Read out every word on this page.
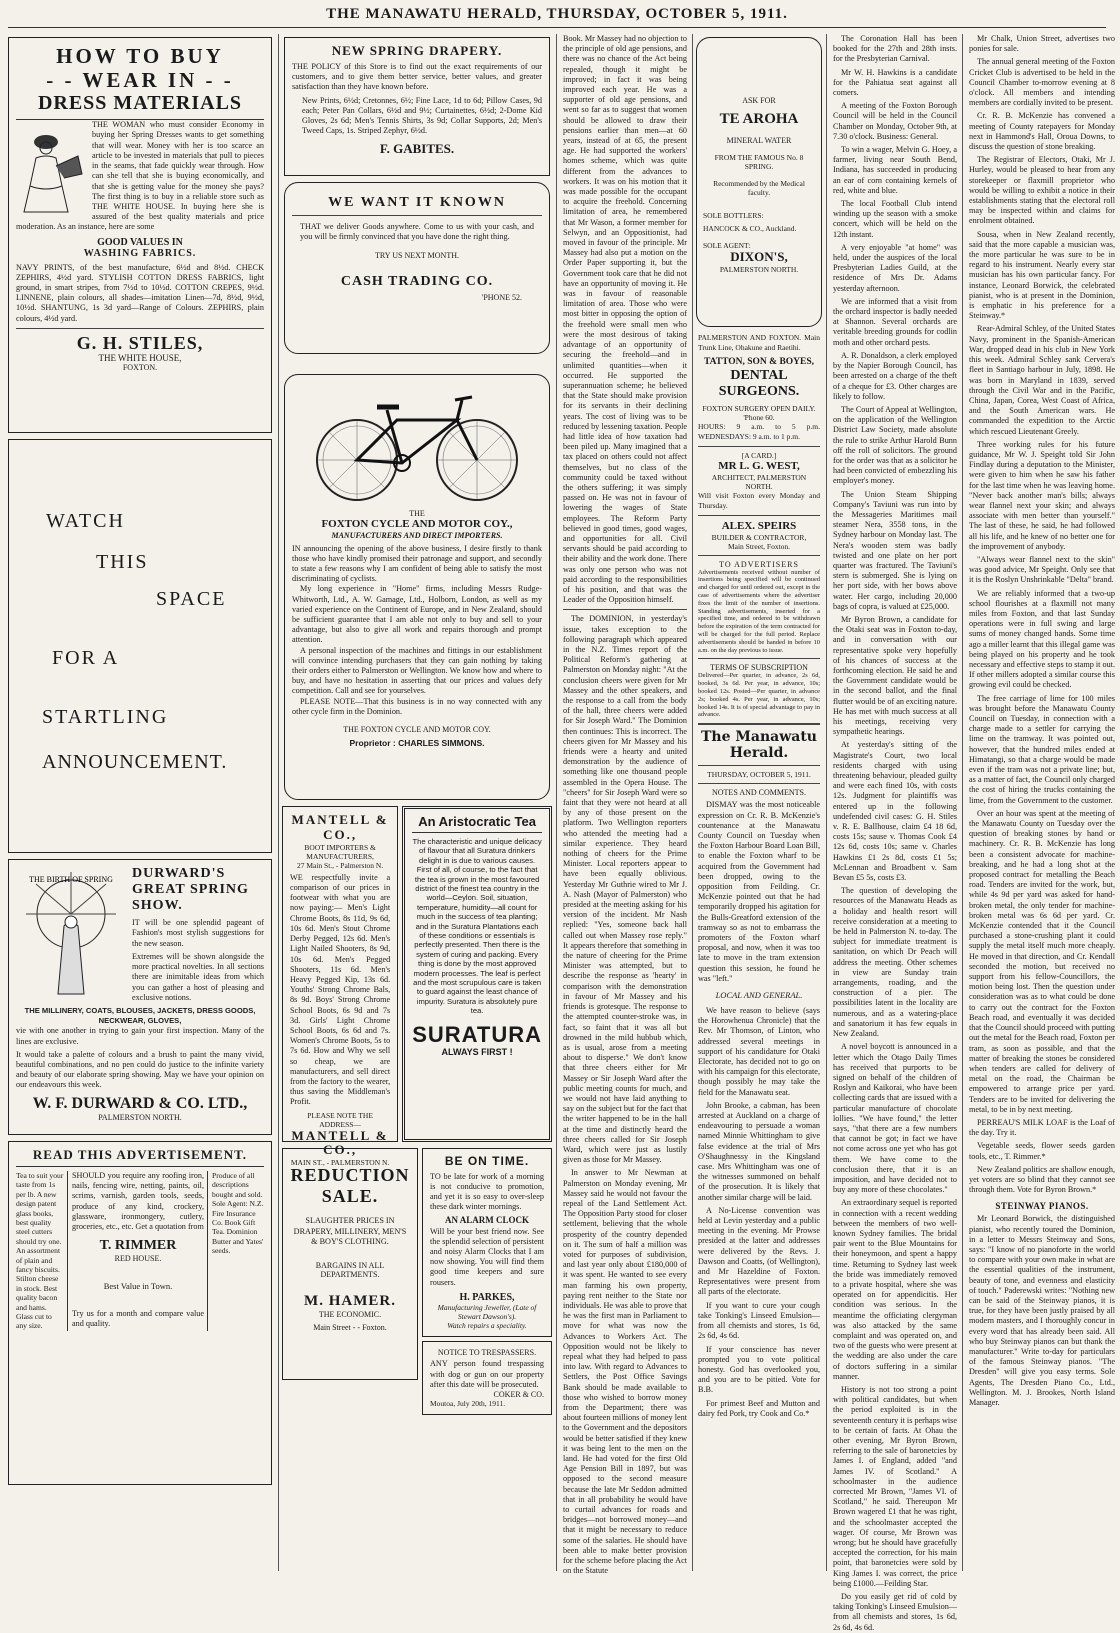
THE MANAWATU HERALD, THURSDAY, OCTOBER 5, 1911.
HOW TO BUY
- - WEAR IN - -
DRESS MATERIALS

THE WOMAN who must consider Economy in buying her Spring Dresses wants to get something that will wear. Money with her is too scarce an article to be invested in materials that pull to pieces in the seams, that fade quickly wear through. How can she tell that she is buying economically, and that she is getting value for the money she pays? The first thing is to buy in a reliable store such as THE WHITE HOUSE. In buying here she is assured of the best quality materials and price moderation. As an instance, here are some

GOOD VALUES IN
WASHING FABRICS.

NAVY PRINTS, of the best manufacture, 6½d and 8½d. CHECK ZEPHIRS, 4½d yard. STYLISH COTTON DRESS FABRICS, light ground, in smart stripes, from 7½d to 10½d. COTTON CREPES, 9½d. LINNENE, plain colours, all shades—imitation Linen—7d, 8½d, 9½d, 10½d. SHANTUNG, 1s 3d yard—Range of Colours. ZEPHIRS, plain colours, 4½d yard.

G. H. STILES,
THE WHITE HOUSE,
FOXTON.
WATCH
THIS
SPACE
FOR A
STARTLING
ANNOUNCEMENT.
THE BIRTH OF SPRING	DURWARD'S GREAT SPRING SHOW.

IT will be one splendid pageant of Fashion's most stylish suggestions for the new season.

Extremes will be shown alongside the more practical novelties. In all sections there are inimitable ideas from which you can gather a host of pleasing and exclusive notions.

THE MILLINERY, COATS, BLOUSES, JACKETS, DRESS GOODS, NECKWEAR, GLOVES,

vie with one another in trying to gain your first inspection. Many of the lines are exclusive.

It would take a palette of colours and a brush to paint the many vivid, beautiful combinations, and no pen could do justice to the infinite variety and beauty of our elaborate spring showing. May we have your opinion on our endeavours this week.

W. F. DURWARD & CO. LTD.,
PALMERSTON NORTH.
READ THIS ADVERTISEMENT.

Tea to suit your taste from 1s per lb. A new design patent glass books, best quality steel cutters should try one. An assortment of plain and fancy biscuits. Stilton cheese in stock. Best quality bacon and hams. Glass cut to any size.

SHOULD you require any roofing iron, nails, fencing wire, netting, paints, oil, scrims, varnish, garden tools, seeds, produce of any kind, crockery, glassware, ironmongery, cutlery, groceries, etc., etc. Get a quotation from

T. RIMMER
RED HOUSE.
Best Value in Town.

Try us for a month and compare value and quality.

Produce of all descriptions bought and sold. Sole Agent: N.Z. Fire Insurance Co. Book Gift Tea. Dominion Butter and Yates' seeds.

NEW SPRING DRAPERY.

THE POLICY of this Store is to find out the exact requirements of our customers, and to give them better service, better values, and greater satisfaction than they have known before.

New Prints, 6½d; Cretonnes, 6½; Fine Lace, 1d to 6d; Pillow Cases, 9d each; Peter Pan Collars, 6½d and 9½; Curtainettes, 6½d; 2-Dome Kid Gloves, 2s 6d; Men's Tennis Shirts, 3s 9d; Collar Supports, 2d; Men's Tweed Caps, 1s. Striped Zephyr, 6½d.

F. GABITES.
WE WANT IT KNOWN

THAT we deliver Goods anywhere. Come to us with your cash, and you will be firmly convinced that you have done the right thing.

TRY US NEXT MONTH.
CASH TRADING CO.
'PHONE 52.
THE
FOXTON CYCLE AND MOTOR COY.,
MANUFACTURERS AND DIRECT IMPORTERS.

IN announcing the opening of the above business, I desire firstly to thank those who have kindly promised their patronage and support, and secondly to state a few reasons why I am confident of being able to satisfy the most discriminating of cyclists.

My long experience in "Home" firms, including Messrs Rudge-Whitworth, Ltd., A. W. Gamage, Ltd., Holborn, London, as well as my varied experience on the Continent of Europe, and in New Zealand, should be sufficient guarantee that I am able not only to buy and sell to your advantage, but also to give all work and repairs thorough and prompt attention.

A personal inspection of the machines and fittings in our establishment will convince intending purchasers that they can gain nothing by taking their orders either to Palmerston or Wellington. We know how and where to buy, and have no hesitation in asserting that our prices and values defy competition. Call and see for yourselves.

PLEASE NOTE—That this business is in no way connected with any other cycle firm in the Dominion.

THE FOXTON CYCLE AND MOTOR COY.
Proprietor : CHARLES SIMMONS.
MANTELL & CO.,
BOOT IMPORTERS & MANUFACTURERS,
27 Main St., - Palmerston N.

WE respectfully invite a comparison of our prices in footwear with what you are now paying:— Men's Light Chrome Boots, 8s 11d, 9s 6d, 10s 6d. Men's Stout Chrome Derby Pegged, 12s 6d. Men's Light Nailed Shooters, 8s 9d, 10s 6d. Men's Pegged Shooters, 11s 6d. Men's Heavy Pegged Kip, 13s 6d. Youths' Strong Chrome Bals, 8s 9d. Boys' Strong Chrome School Boots, 6s 9d and 7s 3d. Girls' Light Chrome School Boots, 6s 6d and 7s. Women's Chrome Boots, 5s to 7s 6d. How and Why we sell so cheap, we are manufacturers, and sell direct from the factory to the wearer, thus saving the Middleman's Profit.

PLEASE NOTE THE ADDRESS—
MANTELL & CO.,
MAIN ST., - PALMERSTON N.
An Aristocratic Tea

The characteristic and unique delicacy of flavour that all Suratura drinkers delight in is due to various causes. First of all, of course, to the fact that the tea is grown in the most favoured district of the finest tea country in the world—Ceylon. Soil, situation, temperature, humidity—all count for much in the success of tea planting; and in the Suratura Plantations each of these conditions or essentials is perfectly presented. Then there is the system of curing and packing. Every thing is done by the most approved modern processes. The leaf is perfect and the most scrupulous care is taken to guard against the least chance of impurity. Suratura is absolutely pure tea.

SURATURA
ALWAYS FIRST !
REDUCTION SALE.

SLAUGHTER PRICES IN DRAPERY, MILLINERY, MEN'S & BOY'S CLOTHING.

BARGAINS IN ALL DEPARTMENTS.
M. HAMER.
THE ECONOMIC.
Main Street - - Foxton.
BE ON TIME.

TO be late for work of a morning is not conducive to promotion, and yet it is so easy to over-sleep these dark winter mornings.

AN ALARM CLOCK

Will be your best friend now. See the splendid selection of persistent and noisy Alarm Clocks that I am now showing. You will find them good time keepers and sure rousers.

H. PARKES,
Manufacturing Jeweller, (Late of Stewart Dawson's).
Watch repairs a speciality.
NOTICE TO TRESPASSERS.

ANY person found trespassing with dog or gun on our property after this date will be prosecuted.

COKER & CO.
Moutoa, July 20th, 1911.

Book. Mr Massey had no objection to the principle of old age pensions, and there was no chance of the Act being repealed, though it might be improved; in fact it was being improved each year. He was a supporter of old age pensions, and went so far as to suggest that women should be allowed to draw their pensions earlier than men—at 60 years, instead of at 65, the present age. He had supported the workers' homes scheme, which was quite different from the advances to workers. It was on his motion that it was made possible for the occupant to acquire the freehold. Concerning limitation of area, he remembered that Mr Wason, a former member for Selwyn, and an Oppositionist, had moved in favour of the principle. Mr Massey had also put a motion on the Order Paper supporting it, but the Government took care that he did not have an opportunity of moving it. He was in favour of reasonable limitation of area. Those who were most bitter in opposing the option of the freehold were small men who were the most desirous of taking advantage of an opportunity of securing the freehold—and in unlimited quantities—when it occurred. He supported the superannuation scheme; he believed that the State should make provision for its servants in their declining years. The cost of living was to be reduced by lessening taxation. People had little idea of how taxation had been piled up. Many imagined that a tax placed on others could not affect themselves, but no class of the community could be taxed without the others suffering; it was simply passed on. He was not in favour of lowering the wages of State employees. The Reform Party believed in good times, good wages, and opportunities for all. Civil servants should be paid according to their ability and the work done. There was only one person who was not paid according to the responsibilities of his position, and that was the Leader of the Opposition himself.

The DOMINION, in yesterday's issue, takes exception to the following paragraph which appeared in the N.Z. Times report of the Political Reform's gathering at Palmerston on Monday night: "At the conclusion cheers were given for Mr Massey and the other speakers, and the response to a call from the body of the hall, three cheers were added for Sir Joseph Ward." The Dominion then continues: This is incorrect. The cheers given for Mr Massey and his friends were a hearty and united demonstration by the audience of something like one thousand people assembled in the Opera House. The "cheers" for Sir Joseph Ward were so faint that they were not heard at all by any of those present on the platform. Two Wellington reporters who attended the meeting had a similar experience. They heard nothing of cheers for the Prime Minister. Local reporters appear to have been equally oblivious. Yesterday Mr Guthrie wired to Mr J. A. Nash (Mayor of Palmerston) who presided at the meeting asking for his version of the incident. Mr Nash replied: "Yes, someone back hall called out when Massey rose reply." It appears therefore that something in the nature of cheering for the Prime Minister was attempted, but to describe the response as 'hearty' in comparison with the demonstration in favour of Mr Massey and his friends is grotesque. The response to the attempted counter-stroke was, in fact, so faint that it was all but drowned in the mild hubbub which, as is usual, arose from a meeting about to disperse." We don't know that three cheers either for Mr Massey or Sir Joseph Ward after the public meeting counts for much, and we would not have laid anything to say on the subject but for the fact that the writer happened to be in the hall at the time and distinctly heard the three cheers called for Sir Joseph Ward, which were just as lustily given as those for Mr Massey.

In answer to Mr Newman at Palmerston on Monday evening, Mr Massey said he would not favour the repeal of the Land Settlement Act. The Opposition Party stood for closer settlement, believing that the whole prosperity of the country depended on it. The sum of half a million was voted for purposes of subdivision, and last year only about £180,000 of it was spent. He wanted to see every man farming his own property, paying rent neither to the State nor individuals. He was able to prove that he was the first man in Parliament to move for what was now the Advances to Workers Act. The Opposition would not be likely to repeal what they had helped to pass into law. With regard to Advances to Settlers, the Post Office Savings Bank should be made available to those who wished to borrow money from the Department; there was about fourteen millions of money lent to the Government and the depositors would be better satisfied if they knew it was being lent to the men on the land. He had voted for the first Old Age Pension Bill in 1897, but was opposed to the second measure because the late Mr Seddon admitted that in all probability he would have to curtail advances for roads and bridges—not borrowed money—and that it might be necessary to reduce some of the salaries. He should have been able to make better provision for the scheme before placing the Act on the Statute

ASK FOR
TE AROHA
MINERAL WATER
FROM THE FAMOUS No. 8 SPRING.
Recommended by the Medical faculty.
SOLE BOTTLERS:
HANCOCK & CO., Auckland.
SOLE AGENT:
DIXON'S,
PALMERSTON NORTH.

PALMERSTON AND FOXTON. Main Trunk Line, Ohakune and Raetihi.

TATTON, SON & BOYES,
DENTAL SURGEONS.
FOXTON SURGERY OPEN DAILY.
'Phone 60.

HOURS: 9 a.m. to 5 p.m. WEDNESDAYS: 9 a.m. to 1 p.m.

[A CARD.]
MR L. G. WEST,
ARCHITECT, PALMERSTON NORTH.

Will visit Foxton every Monday and Thursday.

ALEX. SPEIRS
BUILDER & CONTRACTOR,
Main Street, Foxton.
TO ADVERTISERS

Advertisements received without number of insertions being specified will be continued and charged for until ordered out, except in the case of advertisements where the advertiser fixes the limit of the number of insertions. Standing advertisements, inserted for a specified time, and ordered to be withdrawn before the expiration of the term contracted for will be charged for the full period. Replace advertisements should be handed in before 10 a.m. on the day previous to issue.

TERMS OF SUBSCRIPTION

Delivered—Per quarter, in advance, 2s 6d, booked, 3s 6d. Per year, in advance, 10s; booked 12s. Posted—Per quarter, in advance 2s; booked 4s. Per year, in advance, 10s; booked 14s. It is of special advantage to pay in advance.

The Manawatu Herald.
THURSDAY, OCTOBER 5, 1911.
NOTES AND COMMENTS.

DISMAY was the most noticeable expression on Cr. R. B. McKenzie's countenance at the Manawatu County Council on Tuesday when the Foxton Harbour Board Loan Bill, to enable the Foxton wharf to be acquired from the Government had been dropped, owing to the opposition from Feilding. Cr. McKenzie pointed out that he had temporarily dropped his agitation for the Bulls-Greatford extension of the tramway so as not to embarrass the promoters of the Foxton wharf proposal, and now, when it was too late to move in the tram extension question this session, he found he was "left."

LOCAL AND GENERAL.

We have reason to believe (says the Horowhenua Chronicle) that the Rev. Mr Thomson, of Linton, who addressed several meetings in support of his candidature for Otaki Electorate, has decided not to go on with his campaign for this electorate, though possibly he may take the field for the Manawatu seat.

John Brooke, a cabman, has been arrested at Auckland on a charge of endeavouring to persuade a woman named Minnie Whittingham to give false evidence at the trial of Mrs O'Shaughnessy in the Kingsland case. Mrs Whittingham was one of the witnesses summoned on behalf of the prosecution. It is likely that another similar charge will be laid.

A No-License convention was held at Levin yesterday and a public meeting in the evening. Mr Prowse presided at the latter and addresses were delivered by the Revs. J. Dawson and Coatts, (of Wellington), and Mr Hazeldine of Foxton. Representatives were present from all parts of the electorate.

If you want to cure your cough take Tonking's Linseed Emulsion—from all chemists and stores, 1s 6d, 2s 6d, 4s 6d.

If your conscience has never prompted you to vote political honesty. God has overlooked you, and you are to be pitied. Vote for B.B.

For primest Beef and Mutton and dairy fed Pork, try Cook and Co.*

The Coronation Hall has been booked for the 27th and 28th insts. for the Presbyterian Carnival.

Mr W. H. Hawkins is a candidate for the Pahiatua seat against all comers.

A meeting of the Foxton Borough Council will be held in the Council Chamber on Monday, October 9th, at 7.30 o'clock. Business: General.

To win a wager, Melvin G. Hoey, a farmer, living near South Bend, Indiana, has succeeded in producing an ear of corn containing kernels of red, white and blue.

The local Football Club intend winding up the season with a smoke concert, which will be held on the 12th instant.

A very enjoyable "at home" was held, under the auspices of the local Presbyterian Ladies Guild, at the residence of Mrs Dr. Adams yesterday afternoon.

We are informed that a visit from the orchard inspector is badly needed at Shannon. Several orchards are veritable breeding grounds for codlin moth and other orchard pests.

A. R. Donaldson, a clerk employed by the Napier Borough Council, has been arrested on a charge of the theft of a cheque for £3. Other charges are likely to follow.

The Court of Appeal at Wellington, on the application of the Wellington District Law Society, made absolute the rule to strike Arthur Harold Bunn off the roll of solicitors. The ground for the order was that as a solicitor he had been convicted of embezzling his employer's money.

The Union Steam Shipping Company's Taviuni was run into by the Messageries Maritimes mail steamer Nera, 3558 tons, in the Sydney harbour on Monday last. The Nera's wooden stem was badly twisted and one plate on her port quarter was fractured. The Taviuni's stern is submerged. She is lying on her port side, with her bows above water. Her cargo, including 20,000 bags of copra, is valued at £25,000.

Mr Byron Brown, a candidate for the Otaki seat was in Foxton to-day, and in conversation with our representative spoke very hopefully of his chances of success at the forthcoming election. He said he and the Government candidate would be in the second ballot, and the final flutter would be of an exciting nature. He has met with much success at all his meetings, receiving very sympathetic hearings.

At yesterday's sitting of the Magistrate's Court, two local residents charged with using threatening behaviour, pleaded guilty and were each fined 10s, with costs 12s. Judgment for plaintiffs was entered up in the following undefended civil cases: G. H. Stiles v. R. E. Ballhouse, claim £4 18 6d, costs 15s; sause v. Thomas Cook £4 12s 6d, costs 10s; same v. Charles Hawkins £1 2s 8d, costs £1 5s; McLennan and Broadbent v. Sam Bevan £5 5s, costs £3.

The question of developing the resources of the Manawatu Heads as a holiday and health resort will receive consideration at a meeting to be held in Palmerston N. to-day. The subject for immediate treatment is sanitation, on which Dr Peach will address the meeting. Other schemes in view are Sunday train arrangements, roading, and the construction of a pier. The possibilities latent in the locality are numerous, and as a watering-place and sanatorium it has few equals in New Zealand.

A novel boycott is announced in a letter which the Otago Daily Times has received that purports to be signed on behalf of the children of Roslyn and Kaikorai, who have been collecting cards that are issued with a particular manufacture of chocolate lollies. "We have found," the letter says, "that there are a few numbers that cannot be got; in fact we have not come across one yet who has got them. We have come to the conclusion there, that it is an imposition, and have decided not to buy any more of these chocolates."

An extraordinary sequel is reported in connection with a recent wedding between the members of two well-known Sydney families. The bridal pair went to the Blue Mountains for their honeymoon, and spent a happy time. Returning to Sydney last week the bride was immediately removed to a private hospital, where she was operated on for appendicitis. Her condition was serious. In the meantime the officiating clergyman was also attacked by the same complaint and was operated on, and two of the guests who were present at the wedding are also under the care of doctors suffering in a similar manner.

History is not too strong a point with political candidates, but when the period exploited is in the seventeenth century it is perhaps wise to be certain of facts. At Ohau the other evening, Mr Byron Brown, referring to the sale of baronetcies by James I. of England, added "and James IV. of Scotland." A schoolmaster in the audience corrected Mr Brown, "James VI. of Scotland," he said. Thereupon Mr Brown wagered £1 that he was right, and the schoolmaster accepted the wager. Of course, Mr Brown was wrong; but he should have gracefully accepted the correction, for his main point, that baronetcies were sold by King James I. was correct, the price being £1000.—Feilding Star.

Do you easily get rid of cold by taking Tonking's Linseed Emulsion—from all chemists and stores, 1s 6d, 2s 6d, 4s 6d.

Mr Chalk, Union Street, advertises two ponies for sale.

The annual general meeting of the Foxton Cricket Club is advertised to be held in the Council Chamber to-morrow evening at 8 o'clock. All members and intending members are cordially invited to be present.

Cr. R. B. McKenzie has convened a meeting of County ratepayers for Monday next in Hammond's Hall, Oroua Downs, to discuss the question of stone breaking.

The Registrar of Electors, Otaki, Mr J. Hurley, would be pleased to hear from any storekeeper or flaxmill proprietor who would be willing to exhibit a notice in their establishments stating that the electoral roll may be inspected within and claims for enrolment obtained.

Sousa, when in New Zealand recently, said that the more capable a musician was, the more particular he was sure to be in regard to his instrument. Nearly every star musician has his own particular fancy. For instance, Leonard Borwick, the celebrated pianist, who is at present in the Dominion, is emphatic in his preference for a Steinway.*

Rear-Admiral Schley, of the United States Navy, prominent in the Spanish-American War, dropped dead in his club in New York this week. Admiral Schley sank Cervera's fleet in Santiago harbour in July, 1898. He was born in Maryland in 1839, served through the Civil War and in the Pacific, China, Japan, Corea, West Coast of Africa, and the South American wars. He commanded the expedition to the Arctic which rescued Lieutenant Greely.

Three working rules for his future guidance, Mr W. J. Speight told Sir John Findlay during a deputation to the Minister, were given to him when he saw his father for the last time when he was leaving home. "Never back another man's bills; always wear flannel next your skin; and always associate with men better than yourself." The last of these, he said, he had followed all his life, and he knew of no better one for the improvement of anybody.

"Always wear flannel next to the skin" was good advice, Mr Speight. Only see that it is the Roslyn Unshrinkable "Delta" brand.

We are reliably informed that a two-up school flourishes at a flaxmill not many miles from Foxton, and that last Sunday operations were in full swing and large sums of money changed hands. Some time ago a miller learnt that this illegal game was being played on his property and he took necessary and effective steps to stamp it out. If other millers adopted a similar course this growing evil could be checked.

The free carriage of lime for 100 miles was brought before the Manawatu County Council on Tuesday, in connection with a charge made to a settler for carrying the lime on the tramway. It was pointed out, however, that the hundred miles ended at Himatangi, so that a charge would be made even if the tram was not a private line; but, as a matter of fact, the Council only charged the cost of hiring the trucks containing the lime, from the Government to the customer.

Over an hour was spent at the meeting of the Manawatu County on Tuesday over the question of breaking stones by hand or machinery. Cr. R. B. McKenzie has long been a consistent advocate for machine-breaking, and he had a long shot at the proposed contract for metalling the Beach road. Tenders are invited for the work, but, while 4s 9d per yard was asked for hand-broken metal, the only tender for machine-broken metal was 6s 6d per yard. Cr. McKenzie contended that it the Council purchased a stone-crushing plant it could supply the metal itself much more cheaply. He moved in that direction, and Cr. Kendall seconded the motion, but received no support from his fellow-Councillors, the motion being lost. Then the question under consideration was as to what could be done to carry out the contract for the Foxton Beach road, and eventually it was decided that the Council should proceed with putting out the metal for the Beach road, Foxton per tram, as soon as possible, and that the matter of breaking the stones be considered when tenders are called for delivery of metal on the road, the Chairman be empowered to arrange price per yard. Tenders are to be invited for delivering the metal, to be in by next meeting.

PERREAU'S MILK LOAF is the Loaf of the day. Try it.

Vegetable seeds, flower seeds garden tools, etc., T. Rimmer.*

New Zealand politics are shallow enough, yet voters are so blind that they cannot see through them. Vote for Byron Brown.*

STEINWAY PIANOS.

Mr Leonard Borwick, the distinguished pianist, who recently toured the Dominion, in a letter to Messrs Steinway and Sons, says: "I know of no pianoforte in the world to compare with your own make in what are the essential qualities of the instrument, beauty of tone, and evenness and elasticity of touch." Paderewski writes: "Nothing new can be said of the Steinway pianos, it is true, for they have been justly praised by all modern masters, and I thoroughly concur in every word that has already been said. All who buy Steinway pianos can but thank the manufacturer." Write to-day for particulars of the famous Steinway pianos. "The Dresden" will give you easy terms. Sole Agents, The Dresden Piano Co., Ltd., Wellington. M. J. Brookes, North Island Manager.
